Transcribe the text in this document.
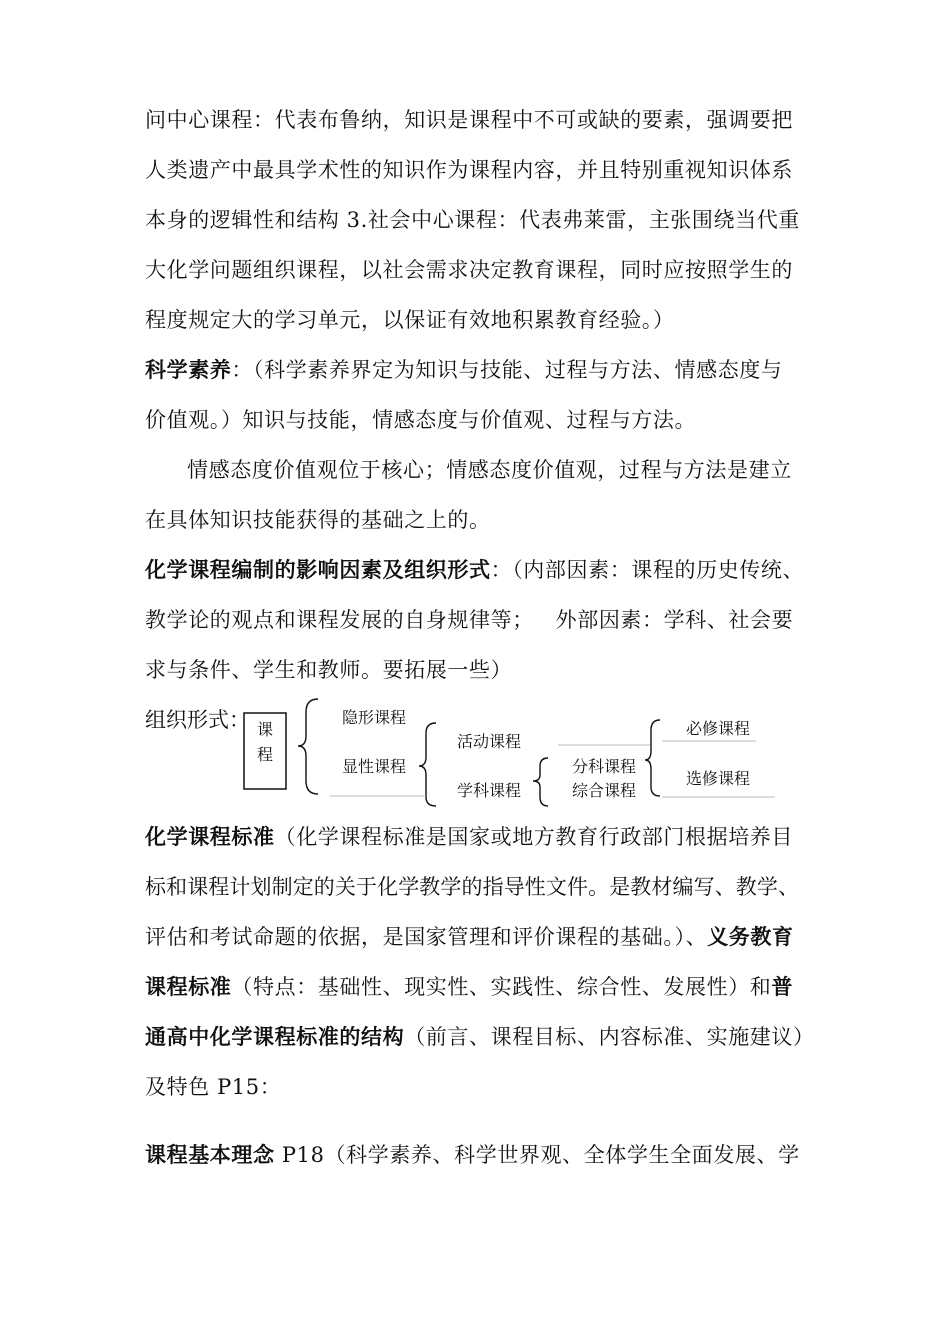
问中心课程：代表布鲁纳，知识是课程中不可或缺的要素，强调要把
人类遗产中最具学术性的知识作为课程内容，并且特别重视知识体系
本身的逻辑性和结构 3.社会中心课程：代表弗莱雷，主张围绕当代重
大化学问题组织课程，以社会需求决定教育课程，同时应按照学生的
程度规定大的学习单元，以保证有效地积累教育经验。）
科学素养：（科学素养界定为知识与技能、过程与方法、情感态度与
价值观。）知识与技能，情感态度与价值观、过程与方法。
情感态度价值观位于核心；情感态度价值观，过程与方法是建立
在具体知识技能获得的基础之上的。
化学课程编制的影响因素及组织形式：（内部因素：课程的历史传统、
教学论的观点和课程发展的自身规律等；   外部因素：学科、社会要
求与条件、学生和教师。要拓展一些）
组织形式： 课
程
隐形课程
显性课程
活动课程
学科课程
分科课程
综合课程
必修课程
选修课程
化学课程标准（化学课程标准是国家或地方教育行政部门根据培养目
标和课程计划制定的关于化学教学的指导性文件。是教材编写、教学、
评估和考试命题的依据，是国家管理和评价课程的基础。）、义务教育
课程标准（特点：基础性、现实性、实践性、综合性、发展性）和普
通高中化学课程标准的结构（前言、课程目标、内容标准、实施建议）
及特色 P15：
课程基本理念 P18（科学素养、科学世界观、全体学生全面发展、学
